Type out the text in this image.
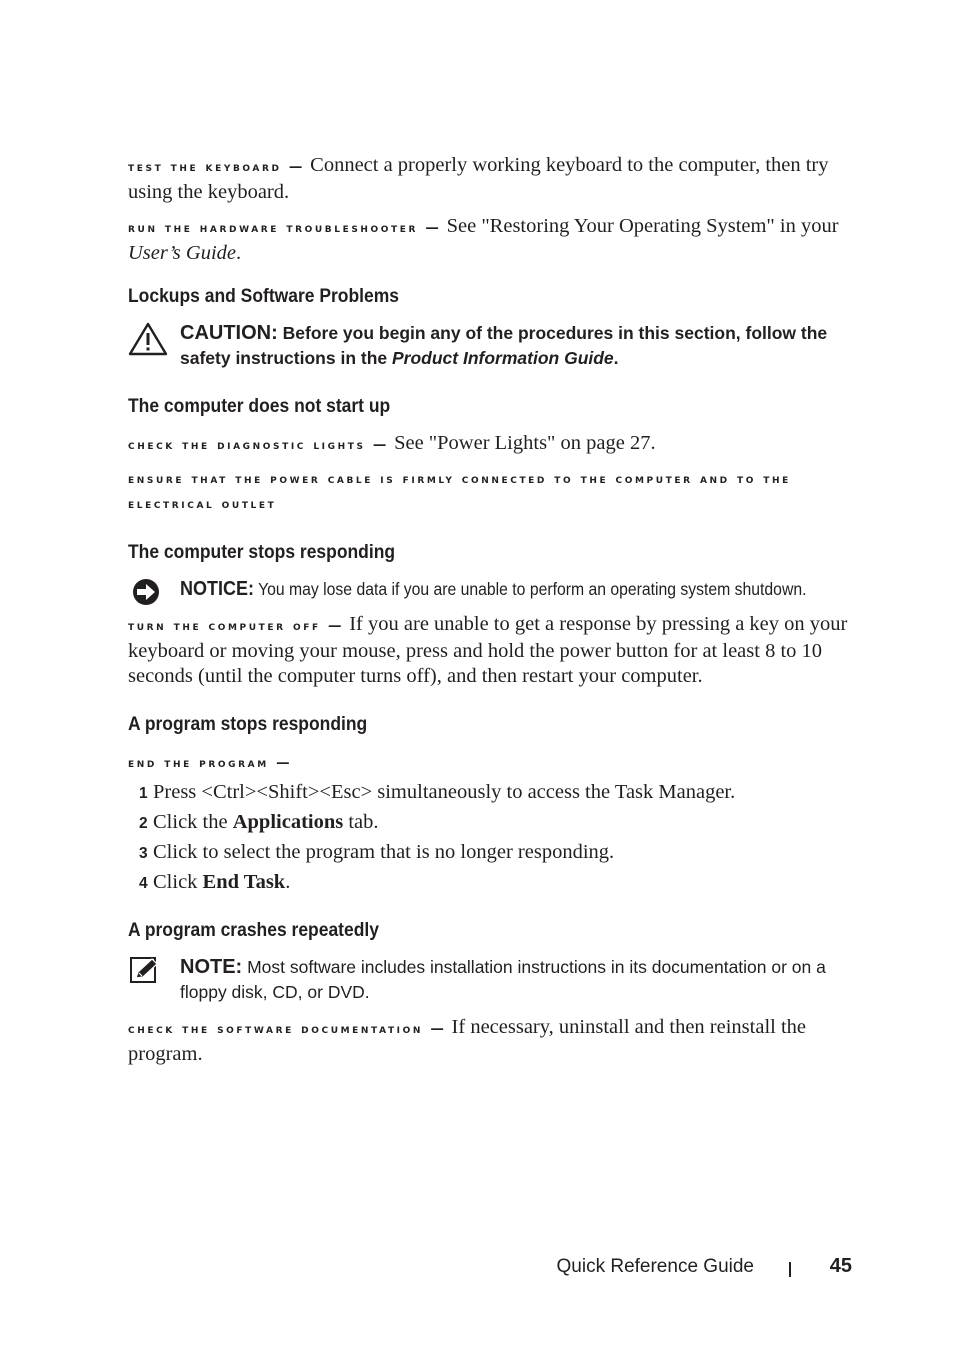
test the keyboard — Connect a properly working keyboard to the computer, then try using the keyboard.

run the hardware troubleshooter — See "Restoring Your Operating System" in your User’s Guide.

Lockups and Software Problems
CAUTION: Before you begin any of the procedures in this section, follow the safety instructions in the Product Information Guide.
The computer does not start up

check the diagnostic lights — See "Power Lights" on page 27.

ensure that the power cable is firmly connected to the computer and to the electrical outlet

The computer stops responding
NOTICE: You may lose data if you are unable to perform an operating system shutdown.

turn the computer off — If you are unable to get a response by pressing a key on your keyboard or moving your mouse, press and hold the power button for at least 8 to 10 seconds (until the computer turns off), and then restart your computer.

A program stops responding

end the program —

1 Press <Ctrl><Shift><Esc> simultaneously to access the Task Manager.
2 Click the Applications tab.
3 Click to select the program that is no longer responding.
4 Click End Task.
A program crashes repeatedly
NOTE: Most software includes installation instructions in its documentation or on a floppy disk, CD, or DVD.

check the software documentation — If necessary, uninstall and then reinstall the program.

Quick Reference Guide	45
